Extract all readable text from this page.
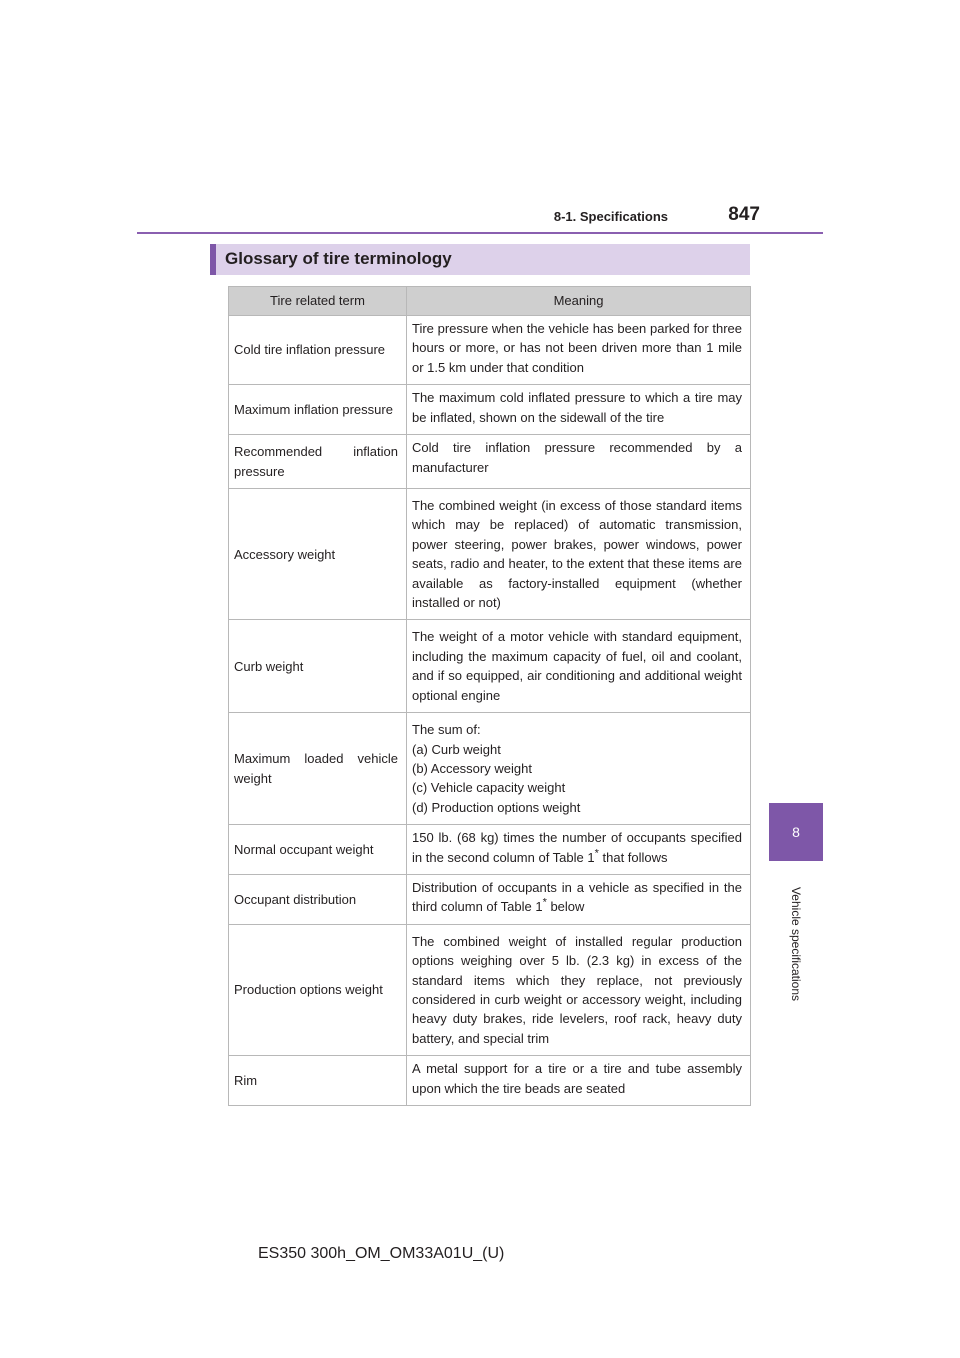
8-1. Specifications	847
8
Vehicle specifications
Glossary of tire terminology
Tire related term	Meaning
Cold tire inflation pressure	Tire pressure when the vehicle has been parked for three hours or more, or has not been driven more than 1 mile or 1.5 km under that condition
Maximum inflation pressure	The maximum cold inflated pressure to which a tire may be inflated, shown on the sidewall of the tire
Recommended inflation pressure	Cold tire inflation pressure recommended by a manufacturer
Accessory weight	The combined weight (in excess of those standard items which may be replaced) of automatic transmission, power steering, power brakes, power windows, power seats, radio and heater, to the extent that these items are available as factory-installed equipment (whether installed or not)
Curb weight	The weight of a motor vehicle with standard equipment, including the maximum capacity of fuel, oil and coolant, and if so equipped, air conditioning and additional weight optional engine
Maximum loaded vehicle weight	The sum of:
(a) Curb weight
(b) Accessory weight
(c) Vehicle capacity weight
(d) Production options weight

Normal occupant weight	150 lb. (68 kg) times the number of occupants specified in the second column of Table 1* that follows
Occupant distribution	Distribution of occupants in a vehicle as specified in the third column of Table 1* below
Production options weight	The combined weight of installed regular production options weighing over 5 lb. (2.3 kg) in excess of the standard items which they replace, not previously considered in curb weight or accessory weight, including heavy duty brakes, ride levelers, roof rack, heavy duty battery, and special trim
Rim	A metal support for a tire or a tire and tube assembly upon which the tire beads are seated
ES350 300h_OM_OM33A01U_(U)
